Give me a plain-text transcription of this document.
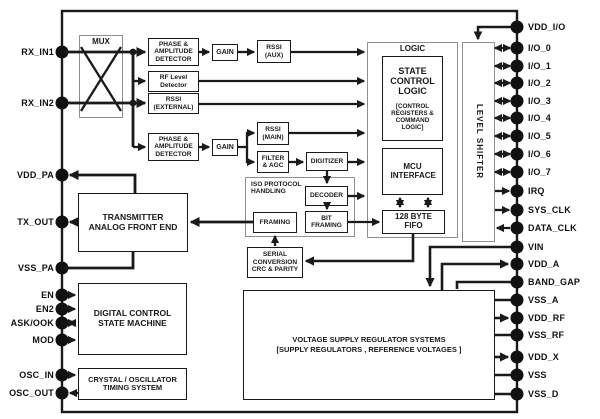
MUX
LOGIC
ISO PROTOCOL HANDLING
LEVEL SHIFTER
PHASE & AMPLITUDE DETECTOR
GAIN
RSSI (AUX)
RF Level Detector
RSSI (EXTERNAL)
PHASE & AMPLITUDE DETECTOR
GAIN
RSSI (MAIN)
FILTER & AGC
DIGITIZER
STATE CONTROL LOGIC
[CONTROL REGISTERS & COMMAND LOGIC]
MCU INTERFACE
128 BYTE FIFO
DECODER
FRAMING
BIT FRAMING
SERIAL CONVERSION CRC & PARITY
TRANSMITTER ANALOG FRONT END
DIGITAL CONTROL STATE MACHINE
CRYSTAL / OSCILLATOR TIMING SYSTEM
VOLTAGE SUPPLY REGULATOR SYSTEMS
[SUPPLY REGULATORS , REFERENCE VOLTAGES ]
RX_IN1
RX_IN2
VDD_PA
TX_OUT
VSS_PA
EN
EN2
ASK/OOK
MOD
OSC_IN
OSC_OUT
VDD_I/O
I/O_0
I/O_1
I/O_2
I/O_3
I/O_4
I/O_5
I/O_6
I/O_7
IRQ
SYS_CLK
DATA_CLK
VIN
VDD_A
BAND_GAP
VSS_A
VDD_RF
VSS_RF
VDD_X
VSS
VSS_D
